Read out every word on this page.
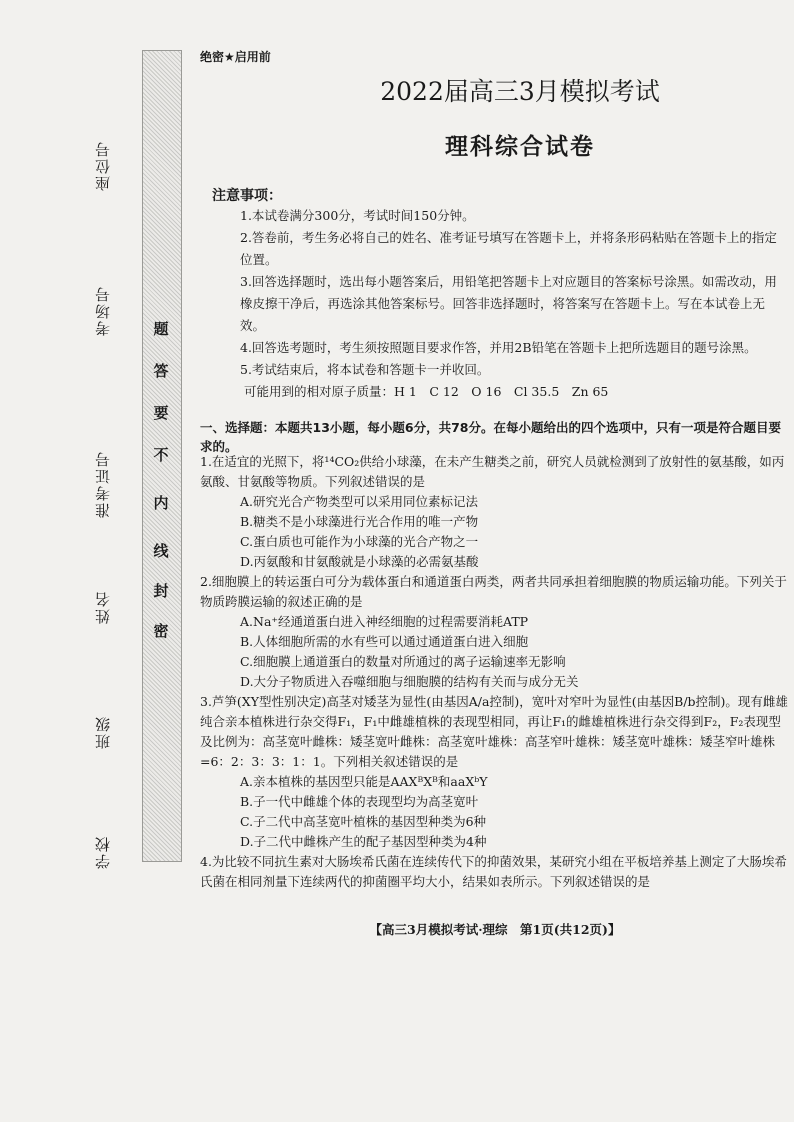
座位号
考场号
准考证号
姓名
班级
学校
题
答
要
不
内
线
封
密
绝密★启用前
2022届高三3月模拟考试
理科综合试卷
注意事项：
1.本试卷满分300分，考试时间150分钟。
2.答卷前，考生务必将自己的姓名、准考证号填写在答题卡上，并将条形码粘贴在答题卡上的指定位置。
3.回答选择题时，选出每小题答案后，用铅笔把答题卡上对应题目的答案标号涂黑。如需改动，用橡皮擦干净后，再选涂其他答案标号。回答非选择题时，将答案写在答题卡上。写在本试卷上无效。
4.回答选考题时，考生须按照题目要求作答，并用2B铅笔在答题卡上把所选题目的题号涂黑。
5.考试结束后，将本试卷和答题卡一并收回。
可能用到的相对原子质量：H 1　C 12　O 16　Cl 35.5　Zn 65
一、选择题：本题共13小题，每小题6分，共78分。在每小题给出的四个选项中，只有一项是符合题目要求的。
1.在适宜的光照下，将¹⁴CO₂供给小球藻，在未产生糖类之前，研究人员就检测到了放射性的氨基酸，如丙氨酸、甘氨酸等物质。下列叙述错误的是
A.研究光合产物类型可以采用同位素标记法
B.糖类不是小球藻进行光合作用的唯一产物
C.蛋白质也可能作为小球藻的光合产物之一
D.丙氨酸和甘氨酸就是小球藻的必需氨基酸
2.细胞膜上的转运蛋白可分为载体蛋白和通道蛋白两类，两者共同承担着细胞膜的物质运输功能。下列关于物质跨膜运输的叙述正确的是
A.Na⁺经通道蛋白进入神经细胞的过程需要消耗ATP
B.人体细胞所需的水有些可以通过通道蛋白进入细胞
C.细胞膜上通道蛋白的数量对所通过的离子运输速率无影响
D.大分子物质进入吞噬细胞与细胞膜的结构有关而与成分无关
3.芦笋(XY型性别决定)高茎对矮茎为显性(由基因A/a控制)，宽叶对窄叶为显性(由基因B/b控制)。现有雌雄纯合亲本植株进行杂交得F₁，F₁中雌雄植株的表现型相同，再让F₁的雌雄植株进行杂交得到F₂，F₂表现型及比例为：高茎宽叶雌株：矮茎宽叶雌株：高茎宽叶雄株：高茎窄叶雄株：矮茎宽叶雄株：矮茎窄叶雄株=6：2：3：3：1：1。下列相关叙述错误的是
A.亲本植株的基因型只能是AAXᴮXᴮ和aaXᵇY
B.子一代中雌雄个体的表现型均为高茎宽叶
C.子二代中高茎宽叶植株的基因型种类为6种
D.子二代中雌株产生的配子基因型种类为4种
4.为比较不同抗生素对大肠埃希氏菌在连续传代下的抑菌效果，某研究小组在平板培养基上测定了大肠埃希氏菌在相同剂量下连续两代的抑菌圈平均大小，结果如表所示。下列叙述错误的是
【高三3月模拟考试·理综　第1页(共12页)】
